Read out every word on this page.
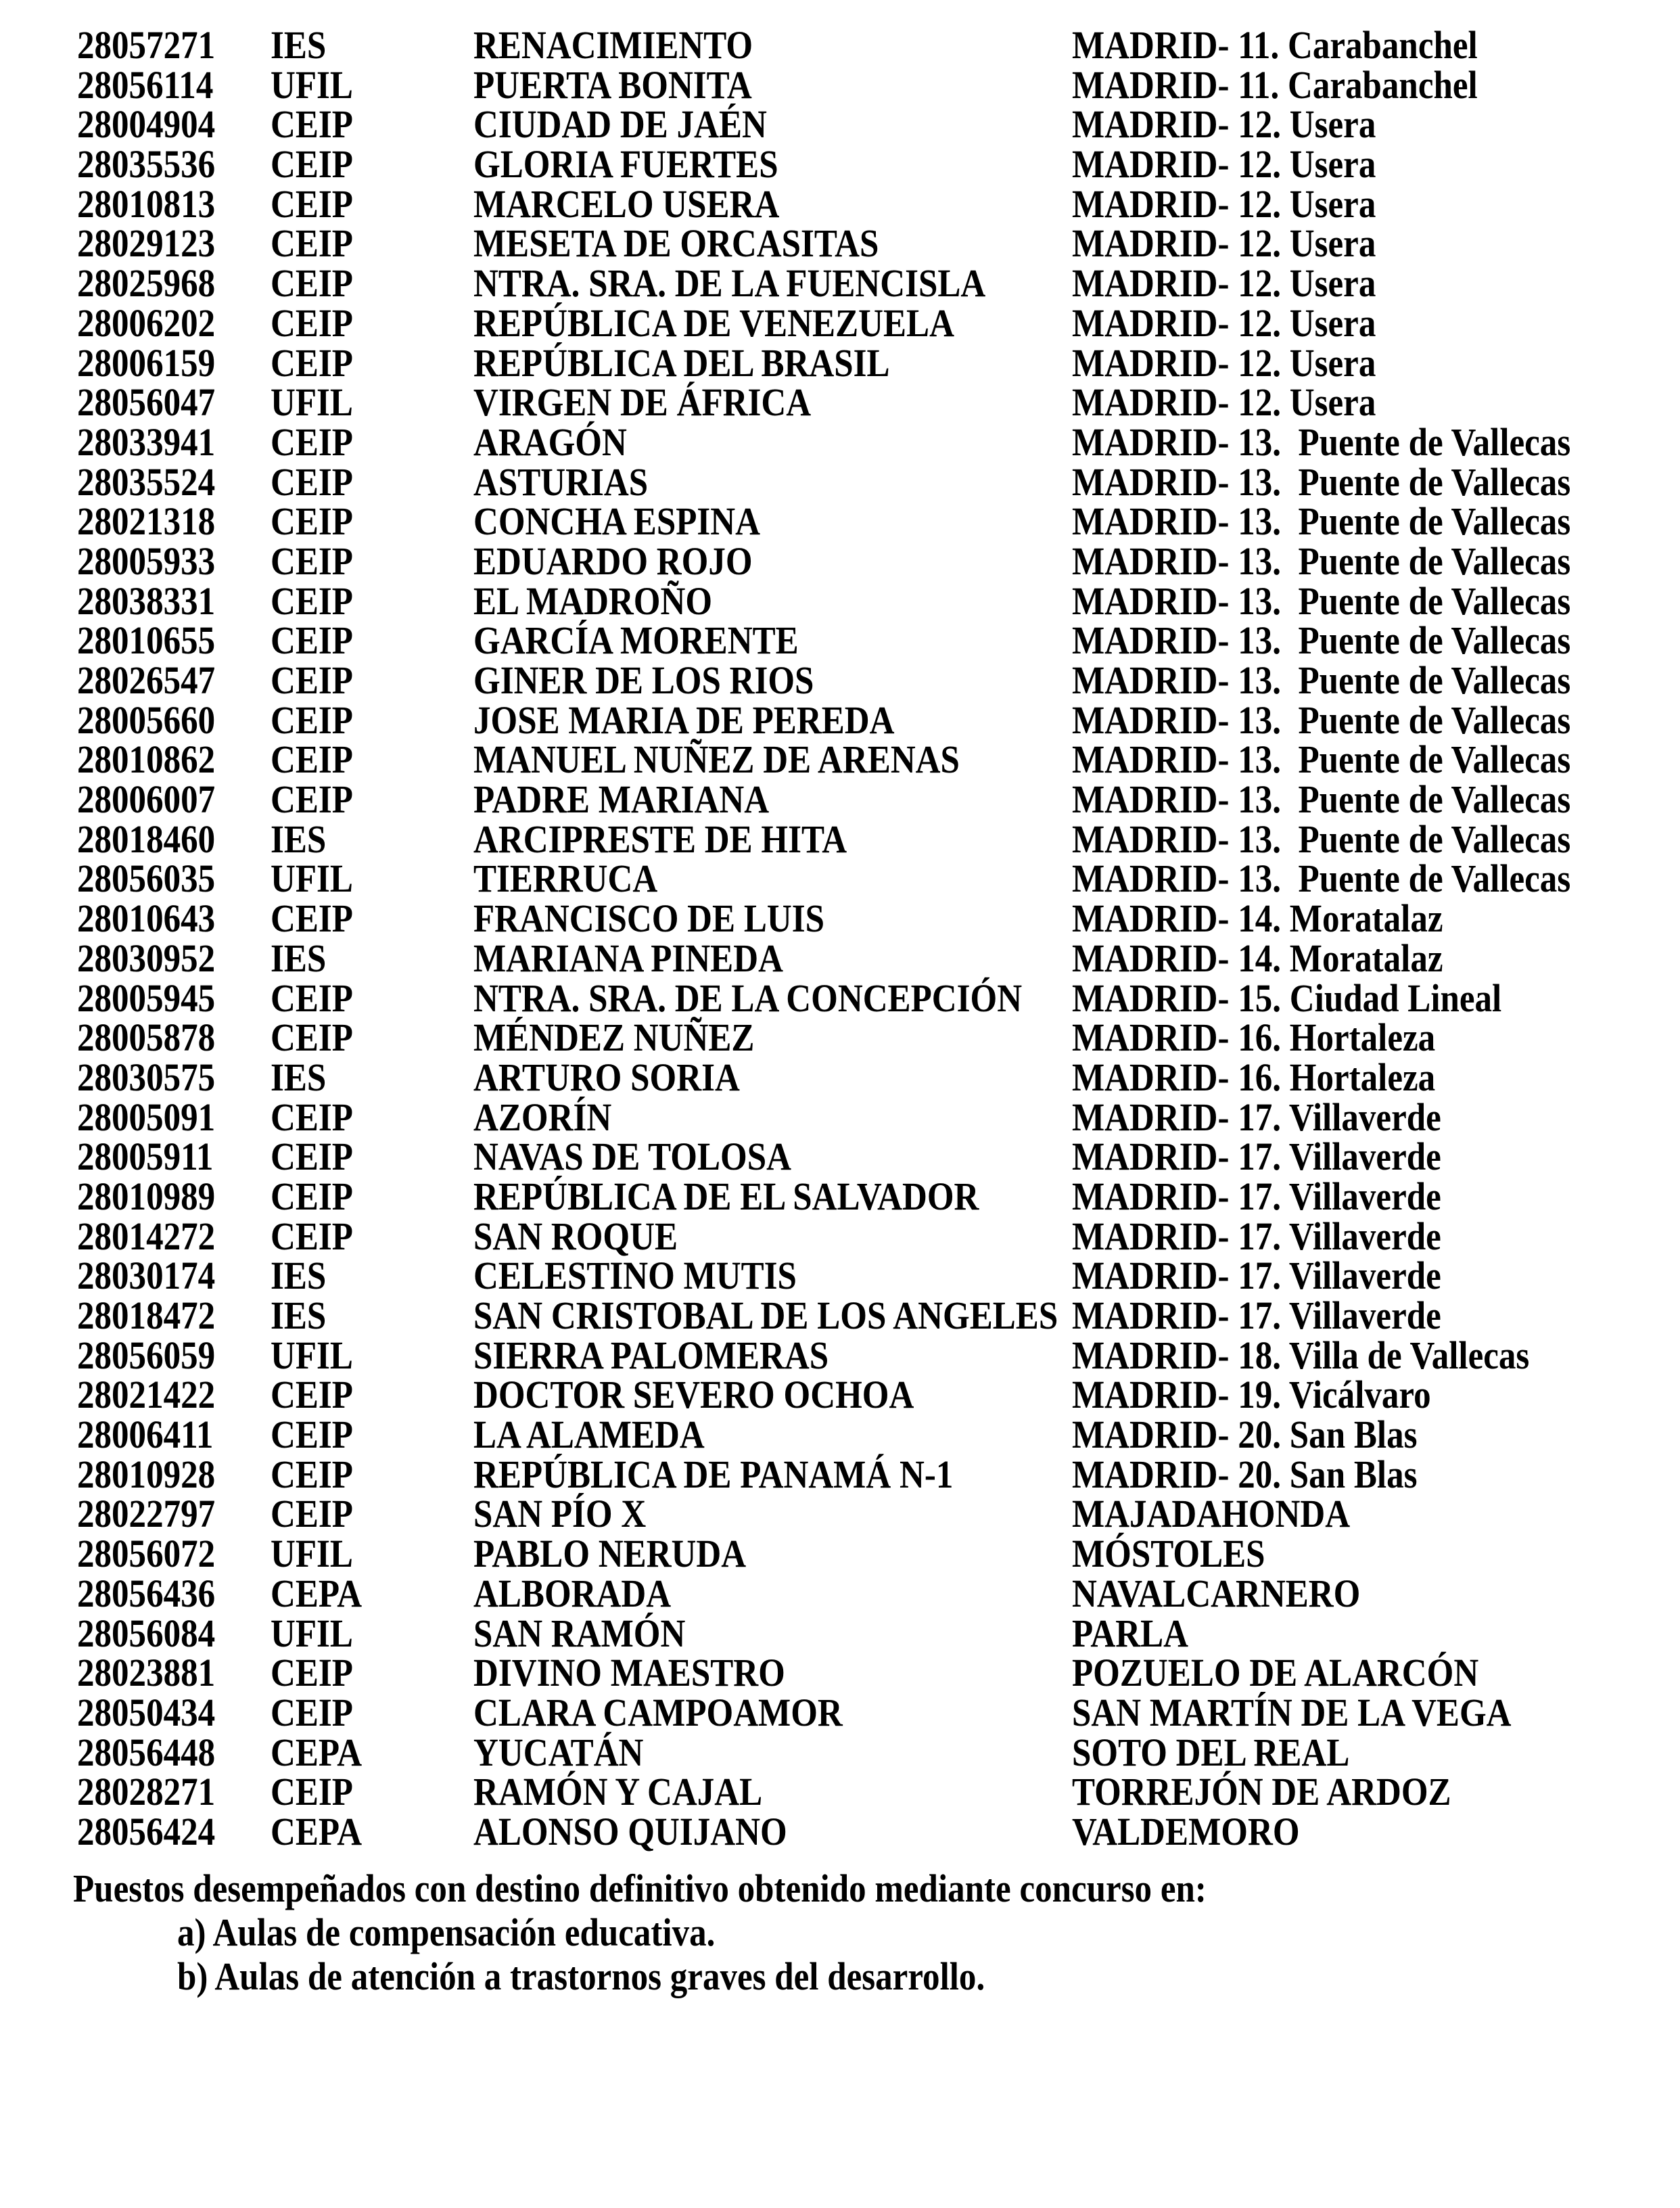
28057271 IES	RENACIMIENTO	MADRID- 11. Carabanchel
28056114 UFIL	PUERTA BONITA	MADRID- 11. Carabanchel
28004904 CEIP	CIUDAD DE JAÉN	MADRID- 12. Usera
28035536 CEIP	GLORIA FUERTES	MADRID- 12. Usera
28010813 CEIP	MARCELO USERA	MADRID- 12. Usera
28029123 CEIP	MESETA DE ORCASITAS	MADRID- 12. Usera
28025968 CEIP	NTRA. SRA. DE LA FUENCISLA MADRID- 12. Usera
28006202 CEIP	REPÚBLICA DE VENEZUELA	MADRID- 12. Usera
28006159 CEIP	REPÚBLICA DEL BRASIL	MADRID- 12. Usera
28056047 UFIL	VIRGEN DE ÁFRICA	MADRID- 12. Usera
28033941 CEIP	ARAGÓN	MADRID- 13.  Puente de Vallecas
28035524 CEIP	ASTURIAS	MADRID- 13.  Puente de Vallecas
28021318 CEIP	CONCHA ESPINA	MADRID- 13.  Puente de Vallecas
28005933 CEIP	EDUARDO ROJO	MADRID- 13.  Puente de Vallecas
28038331 CEIP	EL MADROÑO	MADRID- 13.  Puente de Vallecas
28010655 CEIP	GARCÍA MORENTE	MADRID- 13.  Puente de Vallecas
28026547 CEIP	GINER DE LOS RIOS	MADRID- 13.  Puente de Vallecas
28005660 CEIP	JOSE MARIA DE PEREDA	MADRID- 13.  Puente de Vallecas
28010862 CEIP	MANUEL NUÑEZ DE ARENAS	MADRID- 13.  Puente de Vallecas
28006007 CEIP	PADRE MARIANA	MADRID- 13.  Puente de Vallecas
28018460 IES	ARCIPRESTE DE HITA	MADRID- 13.  Puente de Vallecas
28056035 UFIL	TIERRUCA	MADRID- 13.  Puente de Vallecas
28010643 CEIP	FRANCISCO DE LUIS	MADRID- 14. Moratalaz
28030952 IES	MARIANA PINEDA	MADRID- 14. Moratalaz
28005945 CEIP	NTRA. SRA. DE LA CONCEPCIÓN MADRID- 15. Ciudad Lineal
28005878 CEIP	MÉNDEZ NUÑEZ	MADRID- 16. Hortaleza
28030575 IES	ARTURO SORIA	MADRID- 16. Hortaleza
28005091 CEIP	AZORÍN	MADRID- 17. Villaverde
28005911 CEIP	NAVAS DE TOLOSA	MADRID- 17. Villaverde
28010989 CEIP	REPÚBLICA DE EL SALVADOR MADRID- 17. Villaverde
28014272 CEIP	SAN ROQUE	MADRID- 17. Villaverde
28030174 IES	CELESTINO MUTIS	MADRID- 17. Villaverde
28018472 IES	SAN CRISTOBAL DE LOS ANGELES MADRID- 17. Villaverde
28056059 UFIL	SIERRA PALOMERAS	MADRID- 18. Villa de Vallecas
28021422 CEIP	DOCTOR SEVERO OCHOA	MADRID- 19. Vicálvaro
28006411 CEIP	LA ALAMEDA	MADRID- 20. San Blas
28010928 CEIP	REPÚBLICA DE PANAMÁ N-1	MADRID- 20. San Blas
28022797 CEIP	SAN PÍO X	MAJADAHONDA
28056072 UFIL	PABLO NERUDA	MÓSTOLES
28056436 CEPA	ALBORADA	NAVALCARNERO
28056084 UFIL	SAN RAMÓN	PARLA
28023881 CEIP	DIVINO MAESTRO	POZUELO DE ALARCÓN
28050434 CEIP	CLARA CAMPOAMOR	SAN MARTÍN DE LA VEGA
28056448 CEPA	YUCATÁN	SOTO DEL REAL
28028271 CEIP	RAMÓN Y CAJAL	TORREJÓN DE ARDOZ
28056424 CEPA	ALONSO QUIJANO	VALDEMORO
Puestos desempeñados con destino definitivo obtenido mediante concurso en:
a) Aulas de compensación educativa.
b) Aulas de atención a trastornos graves del desarrollo.
